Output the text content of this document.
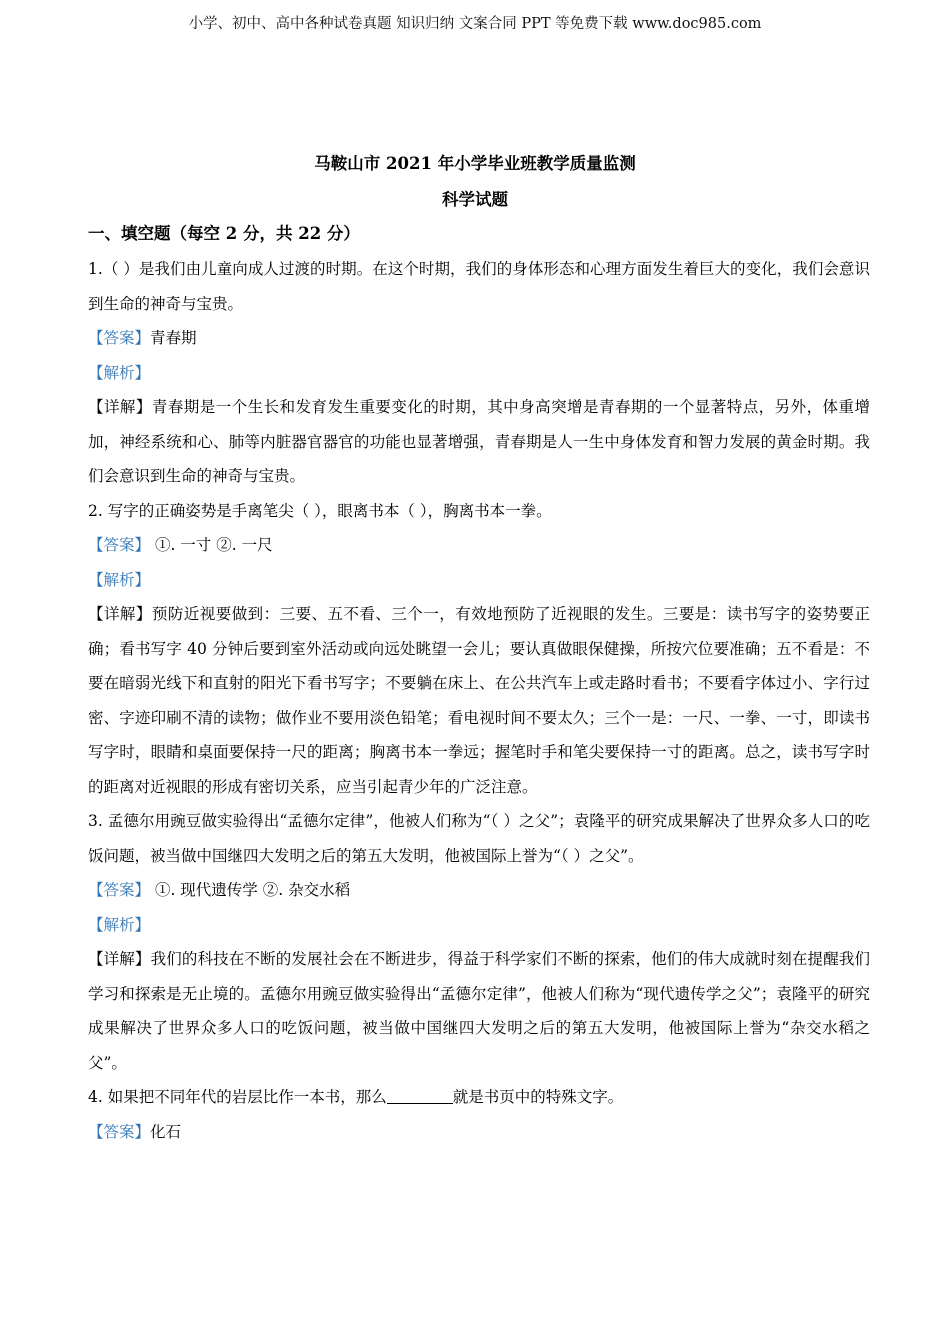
小学、初中、高中各种试卷真题 知识归纳 文案合同 PPT 等免费下载 www.doc985.com
马鞍山市 2021 年小学毕业班教学质量监测
科学试题
一、填空题（每空 2 分，共 22 分）

1.（ ）是我们由儿童向成人过渡的时期。在这个时期，我们的身体形态和心理方面发生着巨大的变化，我们会意识到生命的神奇与宝贵。

【答案】青春期

【解析】

【详解】青春期是一个生长和发育发生重要变化的时期，其中身高突增是青春期的一个显著特点，另外，体重增加，神经系统和心、肺等内脏器官器官的功能也显著增强，青春期是人一生中身体发育和智力发展的黄金时期。我们会意识到生命的神奇与宝贵。

2. 写字的正确姿势是手离笔尖（ ），眼离书本（ ），胸离书本一拳。

【答案】 ①. 一寸 ②. 一尺

【解析】

【详解】预防近视要做到：三要、五不看、三个一，有效地预防了近视眼的发生。三要是：读书写字的姿势要正确；看书写字 40 分钟后要到室外活动或向远处眺望一会儿；要认真做眼保健操，所按穴位要准确；五不看是：不要在暗弱光线下和直射的阳光下看书写字；不要躺在床上、在公共汽车上或走路时看书；不要看字体过小、字行过密、字迹印刷不清的读物；做作业不要用淡色铅笔；看电视时间不要太久；三个一是：一尺、一拳、一寸，即读书写字时，眼睛和桌面要保持一尺的距离；胸离书本一拳远；握笔时手和笔尖要保持一寸的距离。总之，读书写字时的距离对近视眼的形成有密切关系，应当引起青少年的广泛注意。

3. 孟德尔用豌豆做实验得出“孟德尔定律”，他被人们称为“（ ）之父”；袁隆平的研究成果解决了世界众多人口的吃饭问题，被当做中国继四大发明之后的第五大发明，他被国际上誉为“（ ）之父”。

【答案】 ①. 现代遗传学 ②. 杂交水稻

【解析】

【详解】我们的科技在不断的发展社会在不断进步，得益于科学家们不断的探索，他们的伟大成就时刻在提醒我们学习和探索是无止境的。孟德尔用豌豆做实验得出“孟德尔定律”，他被人们称为“现代遗传学之父”；袁隆平的研究成果解决了世界众多人口的吃饭问题，被当做中国继四大发明之后的第五大发明，他被国际上誉为“杂交水稻之父”。

4. 如果把不同年代的岩层比作一本书，那么	就是书页中的特殊文字。

【答案】化石
